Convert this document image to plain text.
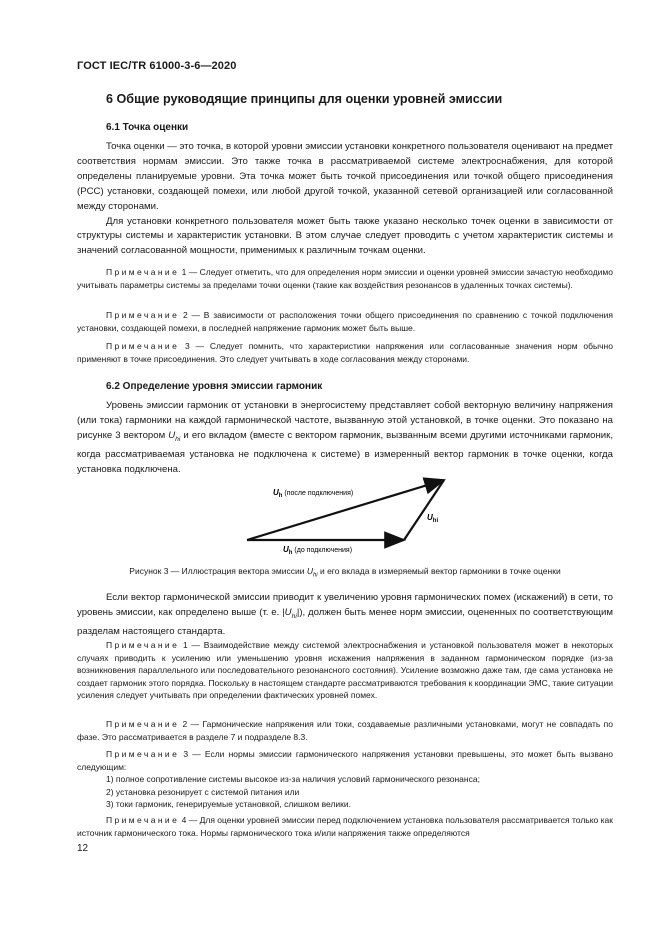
ГОСТ IEC/TR 61000-3-6—2020
6 Общие руководящие принципы для оценки уровней эмиссии
6.1 Точка оценки

Точка оценки — это точка, в которой уровни эмиссии установки конкретного пользователя оценивают на предмет соответствия нормам эмиссии. Это также точка в рассматриваемой системе электроснабжения, для которой определены планируемые уровни. Эта точка может быть точкой присоединения или точкой общего присоединения (PCC) установки, создающей помехи, или любой другой точкой, указанной сетевой организацией или согласованной между сторонами.

Для установки конкретного пользователя может быть также указано несколько точек оценки в зависимости от структуры системы и характеристик установки. В этом случае следует проводить с учетом характеристик системы и значений согласованной мощности, применимых к различным точкам оценки.

Примечание 1 — Следует отметить, что для определения норм эмиссии и оценки уровней эмиссии зачастую необходимо учитывать параметры системы за пределами точки оценки (такие как воздействия резонансов в удаленных точках системы).
Примечание 2 — В зависимости от расположения точки общего присоединения по сравнению с точкой подключения установки, создающей помехи, в последней напряжение гармоник может быть выше.
Примечание 3 — Следует помнить, что характеристики напряжения или согласованные значения норм обычно применяют в точке присоединения. Это следует учитывать в ходе согласования между сторонами.
6.2 Определение уровня эмиссии гармоник

Уровень эмиссии гармоник от установки в энергосистему представляет собой векторную величину напряжения (или тока) гармоники на каждой гармонической частоте, вызванную этой установкой, в точке оценки. Это показано на рисунке 3 вектором $U_{hi}$ и его вкладом (вместе с вектором гармоник, вызванным всеми другими источниками гармоник, когда рассматриваемая установка не подключена к системе) в измеренный вектор гармоник в точке оценки, когда установка подключена.

$U_h$ (после подключения)
$U_{hi}$
$U_h$ (до подключения)
Рисунок 3 — Иллюстрация вектора эмиссии $U_{hi}$ и его вклада в измеряемый вектор гармоники в точке оценки

Если вектор гармонической эмиссии приводит к увеличению уровня гармонических помех (искажений) в сети, то уровень эмиссии, как определено выше (т. е. $|U_{hi}|$), должен быть менее норм эмиссии, оцененных по соответствующим разделам настоящего стандарта.

Примечание 1 — Взаимодействие между системой электроснабжения и установкой пользователя может в некоторых случаях приводить к усилению или уменьшению уровня искажения напряжения в заданном гармоническом порядке (из-за возникновения параллельного или последовательного резонансного состояния). Усиление возможно даже там, где сама установка не создает гармоник этого порядка. Поскольку в настоящем стандарте рассматриваются требования к координации ЭМС, такие ситуации усиления следует учитывать при определении фактических уровней помех.
Примечание 2 — Гармонические напряжения или токи, создаваемые различными установками, могут не совпадать по фазе. Это рассматривается в разделе 7 и подразделе 8.3.
Примечание 3 — Если нормы эмиссии гармонического напряжения установки превышены, это может быть вызвано следующим:
1) полное сопротивление системы высокое из-за наличия условий гармонического резонанса;
2) установка резонирует с системой питания или
3) токи гармоник, генерируемые установкой, слишком велики.
Примечание 4 — Для оценки уровней эмиссии перед подключением установка пользователя рассматривается только как источник гармонического тока. Нормы гармонического тока и/или напряжения также определяются
12
